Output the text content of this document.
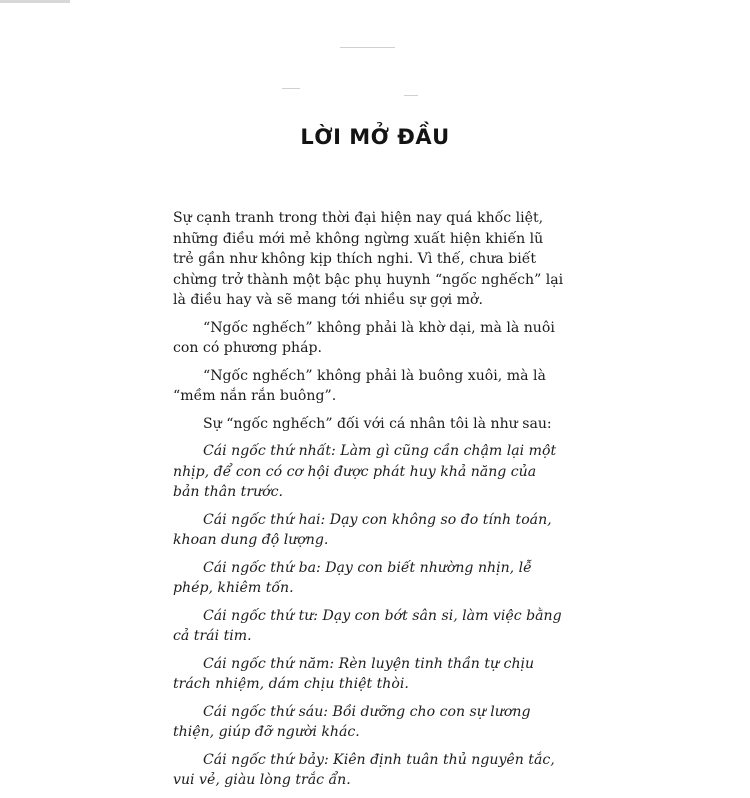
LỜI MỞ ĐẦU

Sự cạnh tranh trong thời đại hiện nay quá khốc liệt, những điều mới mẻ không ngừng xuất hiện khiến lũ trẻ gần như không kịp thích nghi. Vì thế, chưa biết chừng trở thành một bậc phụ huynh “ngốc nghếch” lại là điều hay và sẽ mang tới nhiều sự gợi mở.

“Ngốc nghếch” không phải là khờ dại, mà là nuôi con có phương pháp.

“Ngốc nghếch” không phải là buông xuôi, mà là “mềm nắn rắn buông”.

Sự “ngốc nghếch” đối với cá nhân tôi là như sau:

Cái ngốc thứ nhất: Làm gì cũng cần chậm lại một nhịp, để con có cơ hội được phát huy khả năng của bản thân trước.

Cái ngốc thứ hai: Dạy con không so đo tính toán, khoan dung độ lượng.

Cái ngốc thứ ba: Dạy con biết nhường nhịn, lễ phép, khiêm tốn.

Cái ngốc thứ tư: Dạy con bớt sân si, làm việc bằng cả trái tim.

Cái ngốc thứ năm: Rèn luyện tinh thần tự chịu trách nhiệm, dám chịu thiệt thòi.

Cái ngốc thứ sáu: Bồi dưỡng cho con sự lương thiện, giúp đỡ người khác.

Cái ngốc thứ bảy: Kiên định tuân thủ nguyên tắc, vui vẻ, giàu lòng trắc ẩn.
